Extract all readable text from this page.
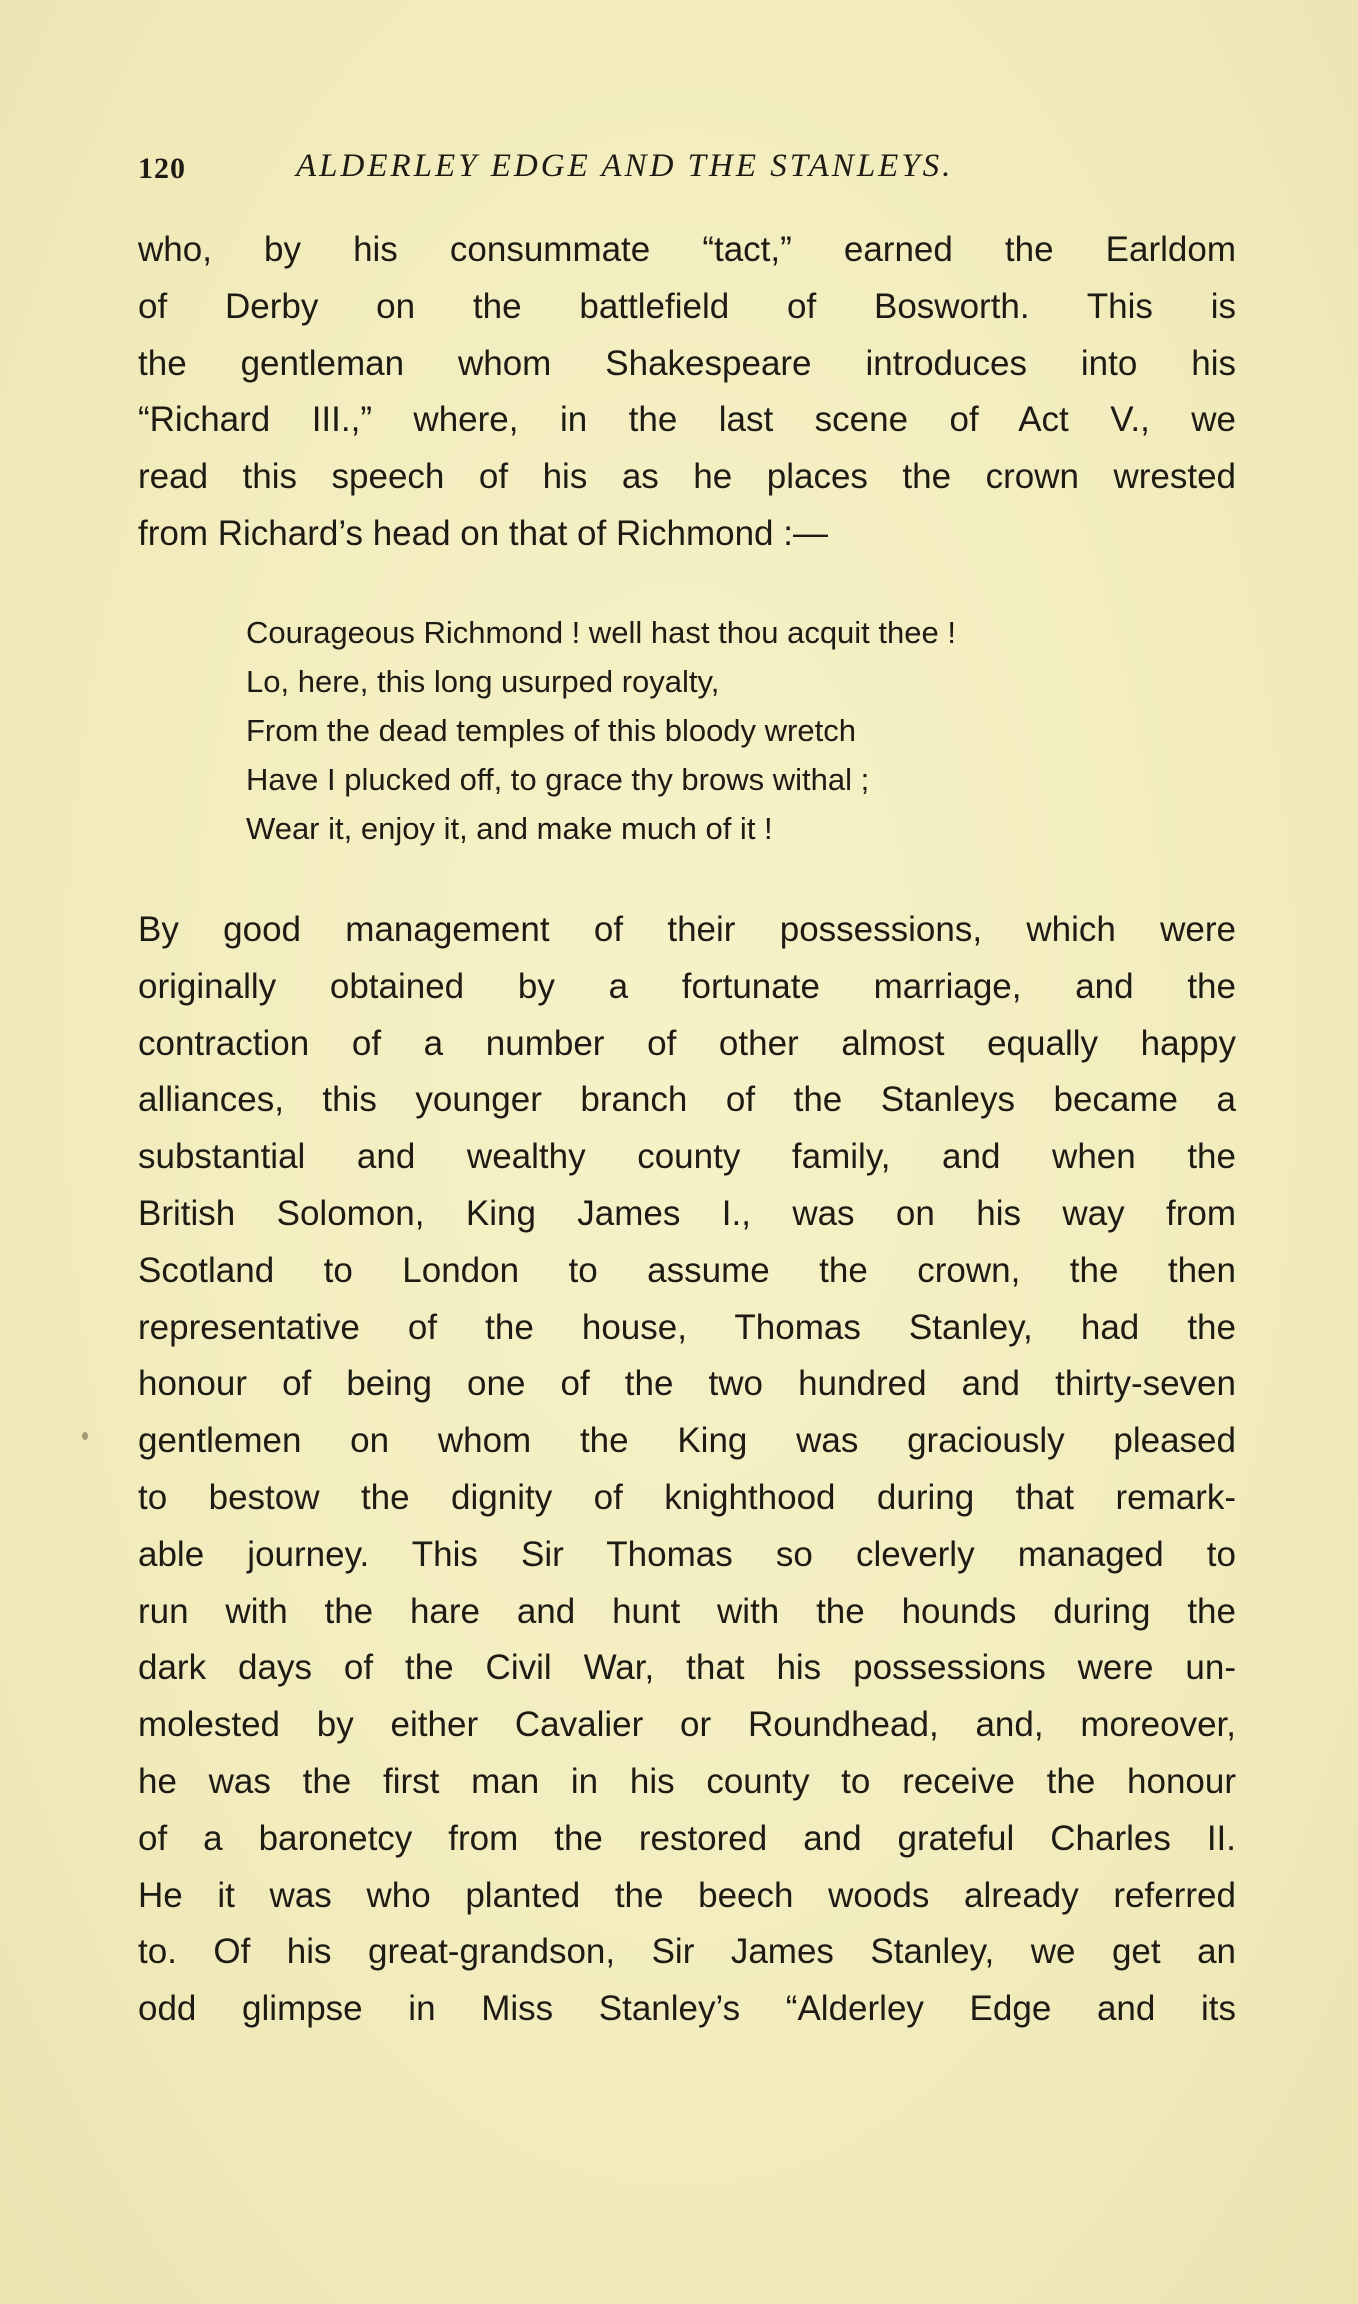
120	ALDERLEY EDGE AND THE STANLEYS.
who, by his consummate “tact,” earned the Earldom
of Derby on the battlefield of Bosworth. This is
the gentleman whom Shakespeare introduces into his
“Richard III.,” where, in the last scene of Act V., we
read this speech of his as he places the crown wrested
from Richard’s head on that of Richmond :—
Courageous Richmond ! well hast thou acquit thee !
Lo, here, this long usurped royalty,
From the dead temples of this bloody wretch
Have I plucked off, to grace thy brows withal ;
Wear it, enjoy it, and make much of it !
By good management of their possessions, which were
originally obtained by a fortunate marriage, and the
contraction of a number of other almost equally happy
alliances, this younger branch of the Stanleys became a
substantial and wealthy county family, and when the
British Solomon, King James I., was on his way from
Scotland to London to assume the crown, the then
representative of the house, Thomas Stanley, had the
honour of being one of the two hundred and thirty-seven
gentlemen on whom the King was graciously pleased
to bestow the dignity of knighthood during that remark-
able journey. This Sir Thomas so cleverly managed to
run with the hare and hunt with the hounds during the
dark days of the Civil War, that his possessions were un-
molested by either Cavalier or Roundhead, and, moreover,
he was the first man in his county to receive the honour
of a baronetcy from the restored and grateful Charles II.
He it was who planted the beech woods already referred
to. Of his great-grandson, Sir James Stanley, we get an
odd glimpse in Miss Stanley’s “Alderley Edge and its
